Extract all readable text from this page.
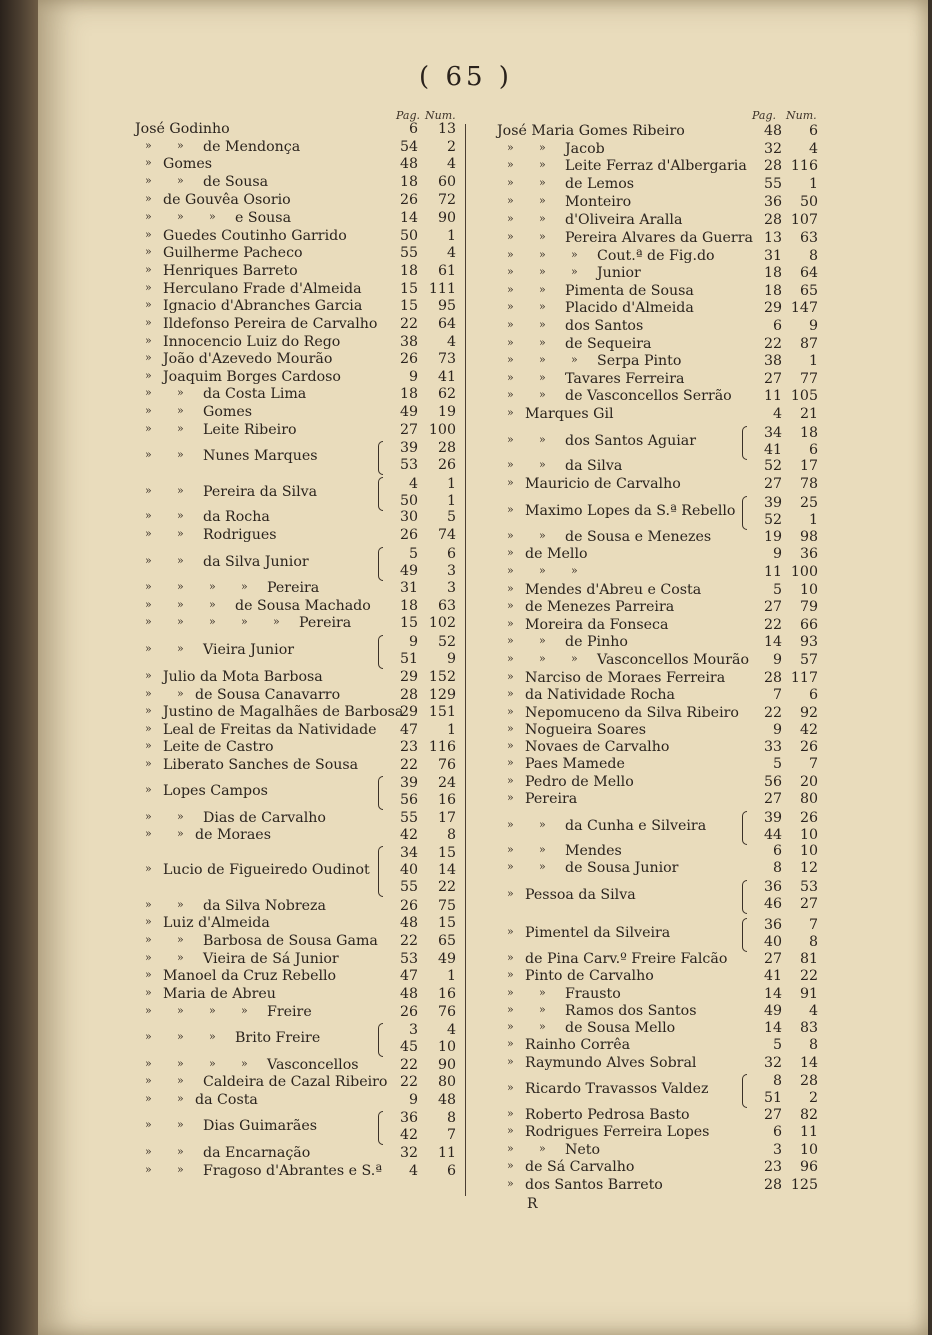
( 65 )
Pag. Num.
José Godinho	6	13
» » de Mendonça	54	2
» Gomes	48	4
» » de Sousa	18	60
» de Gouvêa Osorio	26	72
» » » e Sousa	14	90
» Guedes Coutinho Garrido	50	1
» Guilherme Pacheco	55	4
» Henriques Barreto	18	61
» Herculano Frade d'Almeida	15 111
» Ignacio d'Abranches Garcia	15	95
» Ildefonso Pereira de Carvalho	22	64
» Innocencio Luiz do Rego	38	4
» João d'Azevedo Mourão	26	73
» Joaquim Borges Cardoso	9	41
» » da Costa Lima	18	62
» » Gomes	49	19
» » Leite Ribeiro	27 100
» » Nunes Marques
39	28
53	26
» » Pereira da Silva
4	1
50	1
» » da Rocha	30	5
» » Rodrigues	26	74
» » da Silva Junior
5	6
49	3
» » » » Pereira	31	3
» » » de Sousa Machado	18	63
» » » » » Pereira	15 102
» » Vieira Junior
9	52
51	9
» Julio da Mota Barbosa	29 152
» » de Sousa Canavarro	28 129
» Justino de Magalhães de Barbosa
29 151
» Leal de Freitas da Natividade	47	1
» Leite de Castro	23 116
» Liberato Sanches de Sousa	22	76
» Lopes Campos
39	24
56	16
» » Dias de Carvalho	55	17
» » de Moraes	42	8
» Lucio de Figueiredo Oudinot
34	15
40	14
55	22
» » da Silva Nobreza	26	75
» Luiz d'Almeida	48	15
» » Barbosa de Sousa Gama	22	65
» » Vieira de Sá Junior	53	49
» Manoel da Cruz Rebello	47	1
» Maria de Abreu	48	16
» » » » Freire	26	76
» » » Brito Freire
3	4
45	10
» » » » Vasconcellos	22	90
» » Caldeira de Cazal Ribeiro 22	80
» » da Costa	9	48
» » Dias Guimarães
36	8
42	7
» » da Encarnação	32	11
» » Fragoso d'Abrantes e S.ª	4	6
Pag. Num.
José Maria Gomes Ribeiro	48	6
» » Jacob	32	4
» » Leite Ferraz d'Albergaria	28 116
» » de Lemos	55	1
» » Monteiro	36	50
» » d'Oliveira Aralla	28 107
» » Pereira Alvares da Guerra 13	63
» » » Cout.ª de Fig.do	31	8
» » » Junior	18	64
» » Pimenta de Sousa	18	65
» » Placido d'Almeida	29 147
» » dos Santos	6	9
» » de Sequeira	22	87
» » » Serpa Pinto	38	1
» » Tavares Ferreira	27	77
» » de Vasconcellos Serrão	11 105
» Marques Gil	4	21
» » dos Santos Aguiar
34	18
41	6
» » da Silva	52	17
» Mauricio de Carvalho	27	78
» Maximo Lopes da S.ª Rebello
39	25
52	1
» » de Sousa e Menezes	19	98
» de Mello	9	36
» » »	11 100
» Mendes d'Abreu e Costa	5	10
» de Menezes Parreira	27	79
» Moreira da Fonseca	22	66
» » de Pinho	14	93
» » » Vasconcellos Mourão	9	57
» Narciso de Moraes Ferreira	28 117
» da Natividade Rocha	7	6
» Nepomuceno da Silva Ribeiro	22	92
» Nogueira Soares	9	42
» Novaes de Carvalho	33	26
» Paes Mamede	5	7
» Pedro de Mello	56	20
» Pereira	27	80
» » da Cunha e Silveira
39	26
44	10
» » Mendes	6	10
» » de Sousa Junior	8	12
» Pessoa da Silva
36	53
46	27
» Pimentel da Silveira
36	7
40	8
» de Pina Carv.º Freire Falcão	27	81
» Pinto de Carvalho	41	22
» » Frausto	14	91
» » Ramos dos Santos	49	4
» » de Sousa Mello	14	83
» Rainho Corrêa	5	8
» Raymundo Alves Sobral	32	14
» Ricardo Travassos Valdez
8	28
51	2
» Roberto Pedrosa Basto	27	82
» Rodrigues Ferreira Lopes	6	11
» » Neto	3	10
» de Sá Carvalho	23	96
» dos Santos Barreto	28 125
R
